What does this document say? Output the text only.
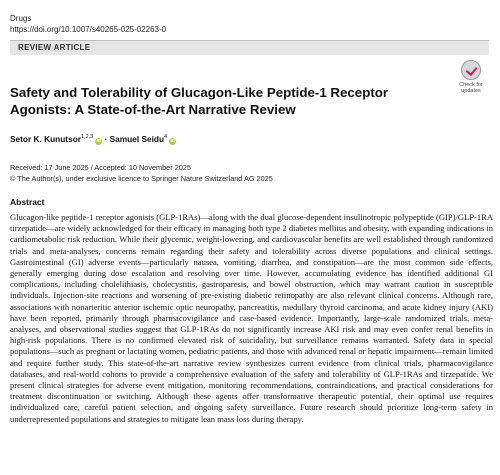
Drugs
https://doi.org/10.1007/s40265-025-02263-0
REVIEW ARTICLE
Check for updates
Safety and Tolerability of Glucagon-Like Peptide-1 Receptor Agonists: A State-of-the-Art Narrative Review
Setor K. Kunutsor$^{1,2,3}$id · Samuel Seidu$^4$id
Received: 17 June 2025 / Accepted: 10 November 2025
© The Author(s), under exclusive licence to Springer Nature Switzerland AG 2025
Abstract

Glucagon-like peptide-1 receptor agonists (GLP-1RAs)—along with the dual glucose-dependent insulinotropic polypeptide (GIP)/GLP-1RA tirzepatide—are widely acknowledged for their efficacy in managing both type 2 diabetes mellitus and obesity, with expanding indications in cardiometabolic risk reduction. While their glycemic, weight-lowering, and cardiovascular benefits are well established through randomized trials and meta-analyses, concerns remain regarding their safety and tolerability across diverse populations and clinical settings. Gastrointestinal (GI) adverse events—particularly nausea, vomiting, diarrhea, and constipation—are the most common side effects, generally emerging during dose escalation and resolving over time. However, accumulating evidence has identified additional GI complications, including cholelithiasis, cholecystitis, gastroparesis, and bowel obstruction, which may warrant caution in susceptible individuals. Injection-site reactions and worsening of pre-existing diabetic retinopathy are also relevant clinical concerns. Although rare, associations with nonarteritic anterior ischemic optic neuropathy, pancreatitis, medullary thyroid carcinoma, and acute kidney injury (AKI) have been reported, primarily through pharmacovigilance and case-based evidence. Importantly, large-scale randomized trials, meta-analyses, and observational studies suggest that GLP-1RAs do not significantly increase AKI risk and may even confer renal benefits in high-risk populations. There is no confirmed elevated risk of suicidality, but surveillance remains warranted. Safety data in special populations—such as pregnant or lactating women, pediatric patients, and those with advanced renal or hepatic impairment—remain limited and require further study. This state-of-the-art narrative review synthesizes current evidence from clinical trials, pharmacovigilance databases, and real-world cohorts to provide a comprehensive evaluation of the safety and tolerability of GLP-1RAs and tirzepatide. We present clinical strategies for adverse event mitigation, monitoring recommendations, contraindications, and practical considerations for treatment discontinuation or switching. Although these agents offer transformative therapeutic potential, their optimal use requires individualized care, careful patient selection, and ongoing safety surveillance. Future research should prioritize long-term safety in underrepresented populations and strategies to mitigate lean mass loss during therapy.
